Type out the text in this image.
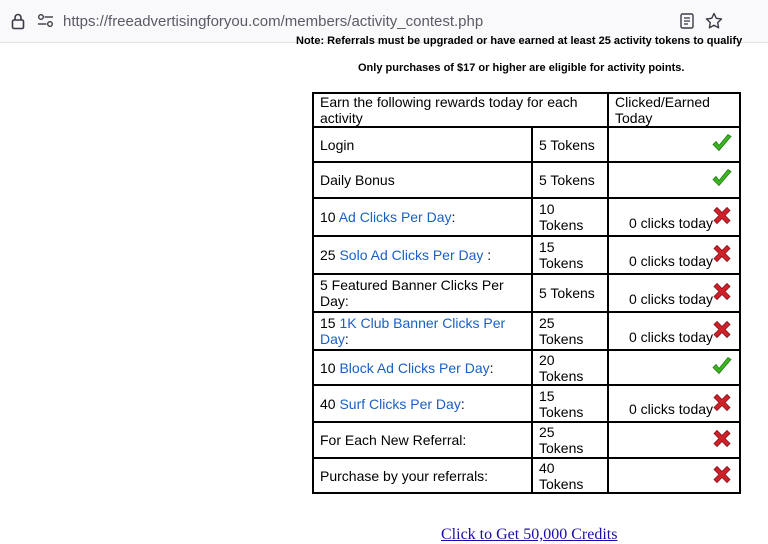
https://freeadvertisingforyou.com/members/activity_contest.php
Note: Referrals must be upgraded or have earned at least 25 activity tokens to qualify
Only purchases of $17 or higher are eligible for activity points.
Earn the following rewards today for each activity		Clicked/Earned Today
Login	5 Tokens	

Daily Bonus	5 Tokens	

10 Ad Clicks Per Day:	10 Tokens	0 clicks today

25 Solo Ad Clicks Per Day :	15 Tokens	0 clicks today

5 Featured Banner Clicks Per Day:	5 Tokens	0 clicks today

15 1K Club Banner Clicks Per Day:	25 Tokens	0 clicks today

10 Block Ad Clicks Per Day:	20 Tokens	

40 Surf Clicks Per Day:	15 Tokens	0 clicks today

For Each New Referral:	25 Tokens	

Purchase by your referrals:	40 Tokens	
Click to Get 50,000 Credits
